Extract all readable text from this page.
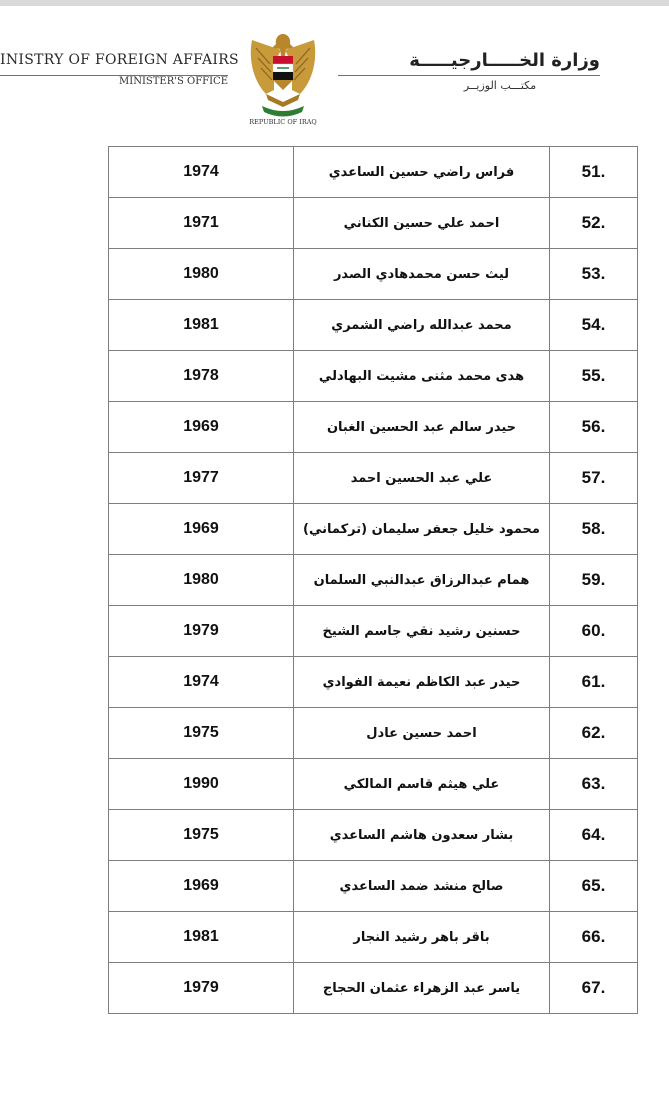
INISTRY OF FOREIGN AFFAIRS
MINISTER'S OFFICE
وزارة الخـــــارجيـــــة
مكتـــب الوزيــر
REPUBLIC OF IRAQ
1974	فراس راضي حسين الساعدي	51.
1971	احمد علي حسين الكناني	52.
1980	ليث حسن محمدهادي الصدر	53.
1981	محمد عبدالله راضي الشمري	54.
1978	هدى محمد مثنى مشيت البهادلي	55.
1969	حيدر سالم عبد الحسين الغبان	56.
1977	علي عبد الحسين احمد	57.
1969	محمود خليل جعفر سليمان (تركماني)	58.
1980	همام عبدالرزاق عبدالنبي السلمان	59.
1979	حسنين رشيد نقي جاسم الشيخ	60.
1974	حيدر عبد الكاظم نعيمة الفوادي	61.
1975	احمد حسين عادل	62.
1990	علي هيثم قاسم المالكي	63.
1975	بشار سعدون هاشم الساعدي	64.
1969	صالح منشد ضمد الساعدي	65.
1981	باقر باهر رشيد النجار	66.
1979	ياسر عبد الزهراء عثمان الحجاج	67.
